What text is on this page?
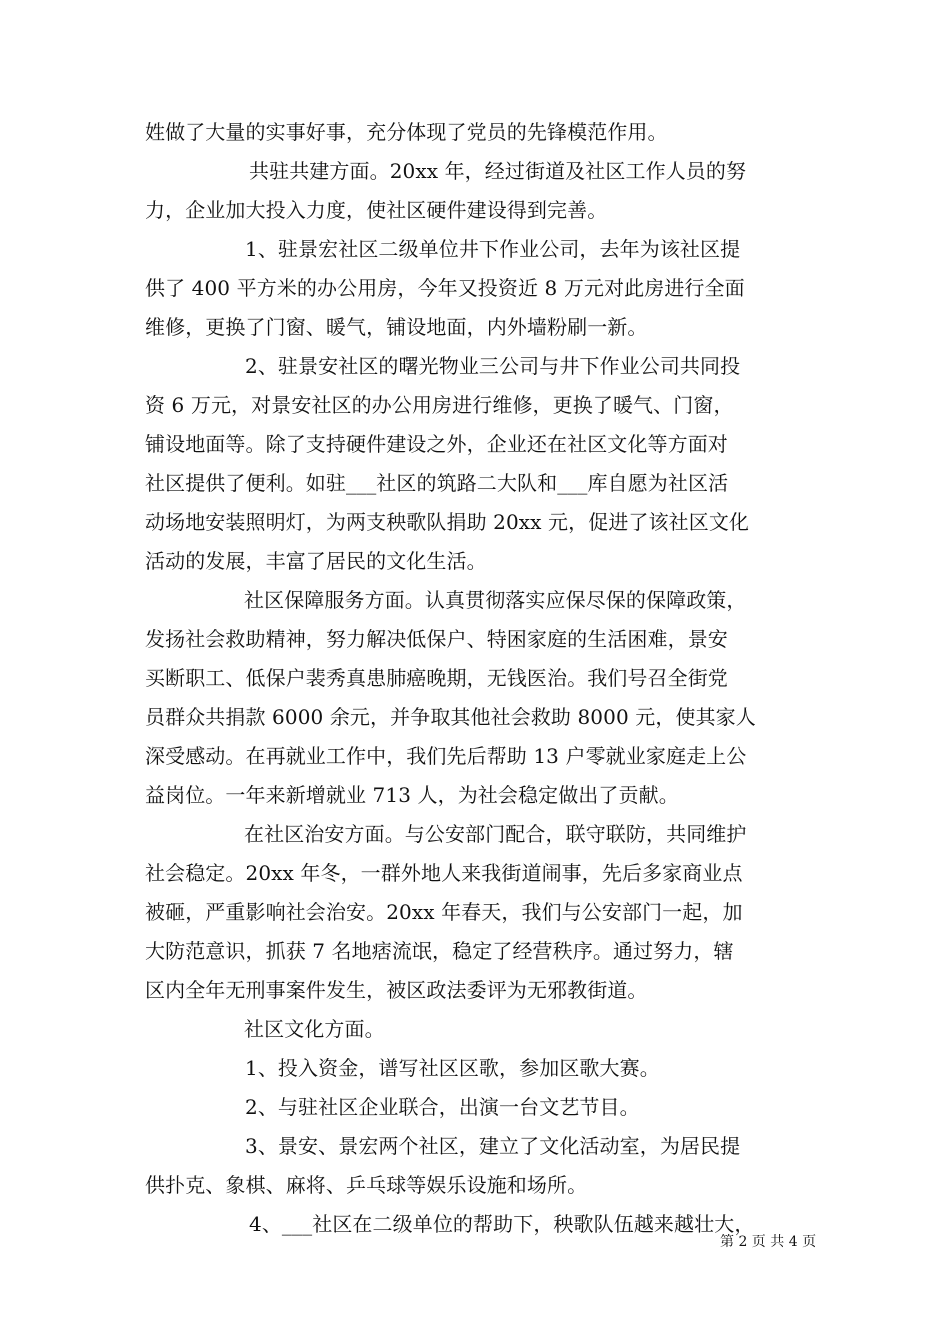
姓做了大量的实事好事，充分体现了党员的先锋模范作用。
共驻共建方面。20xx 年，经过街道及社区工作人员的努
力，企业加大投入力度，使社区硬件建设得到完善。
1、驻景宏社区二级单位井下作业公司，去年为该社区提
供了 400 平方米的办公用房，今年又投资近 8 万元对此房进行全面
维修，更换了门窗、暖气，铺设地面，内外墙粉刷一新。
2、驻景安社区的曙光物业三公司与井下作业公司共同投
资 6 万元，对景安社区的办公用房进行维修，更换了暖气、门窗，
铺设地面等。除了支持硬件建设之外，企业还在社区文化等方面对
社区提供了便利。如驻___社区的筑路二大队和___库自愿为社区活
动场地安装照明灯，为两支秧歌队捐助 20xx 元，促进了该社区文化
活动的发展，丰富了居民的文化生活。
社区保障服务方面。认真贯彻落实应保尽保的保障政策，
发扬社会救助精神，努力解决低保户、特困家庭的生活困难，景安
买断职工、低保户裴秀真患肺癌晚期，无钱医治。我们号召全街党
员群众共捐款 6000 余元，并争取其他社会救助 8000 元，使其家人
深受感动。在再就业工作中，我们先后帮助 13 户零就业家庭走上公
益岗位。一年来新增就业 713 人，为社会稳定做出了贡献。
在社区治安方面。与公安部门配合，联守联防，共同维护
社会稳定。20xx 年冬，一群外地人来我街道闹事，先后多家商业点
被砸，严重影响社会治安。20xx 年春天，我们与公安部门一起，加
大防范意识，抓获 7 名地痞流氓，稳定了经营秩序。通过努力，辖
区内全年无刑事案件发生，被区政法委评为无邪教街道。
社区文化方面。
1、投入资金，谱写社区区歌，参加区歌大赛。
2、与驻社区企业联合，出演一台文艺节目。
3、景安、景宏两个社区，建立了文化活动室，为居民提
供扑克、象棋、麻将、乒乓球等娱乐设施和场所。
4、___社区在二级单位的帮助下，秧歌队伍越来越壮大，
第 2 页 共 4 页
